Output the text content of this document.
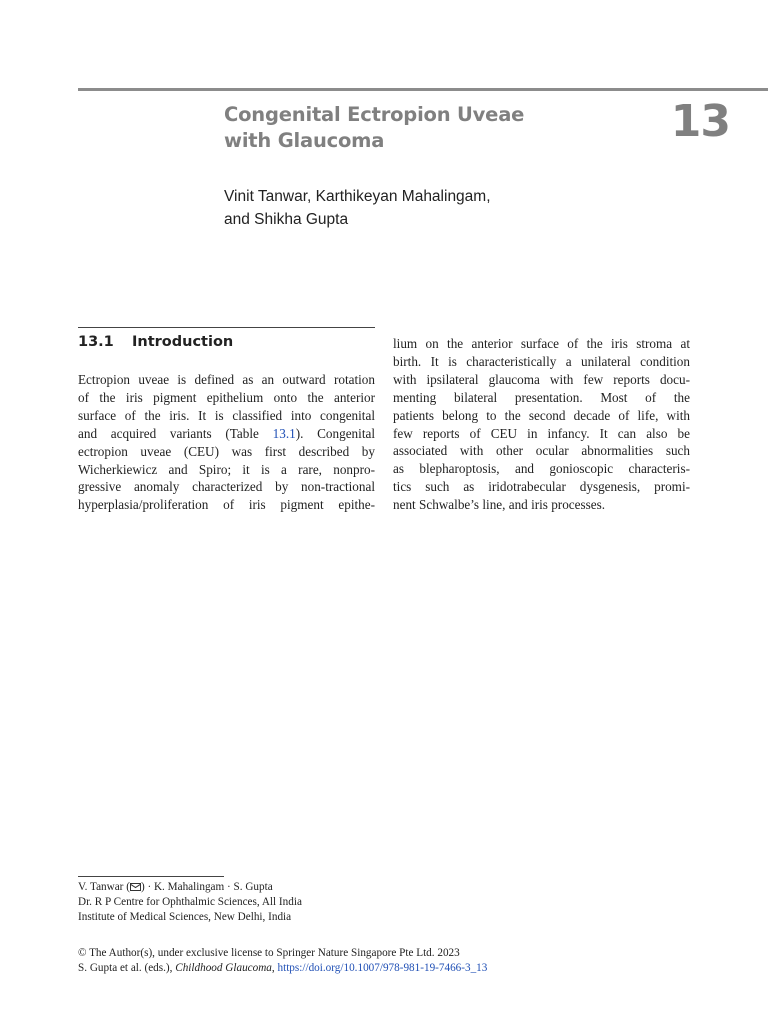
Congenital Ectropion Uveae
with Glaucoma	13
Vinit Tanwar, Karthikeyan Mahalingam,
and Shikha Gupta
13.1 Introduction
Ectropion uveae is defined as an outward rotation
of the iris pigment epithelium onto the anterior
surface of the iris. It is classified into congenital
and acquired variants (Table 13.1). Congenital
ectropion uveae (CEU) was first described by
Wicherkiewicz and Spiro; it is a rare, nonpro-
gressive anomaly characterized by non-tractional
hyperplasia/proliferation of iris pigment epithe-
lium on the anterior surface of the iris stroma at
birth. It is characteristically a unilateral condition
with ipsilateral glaucoma with few reports docu-
menting bilateral presentation. Most of the
patients belong to the second decade of life, with
few reports of CEU in infancy. It can also be
associated with other ocular abnormalities such
as blepharoptosis, and gonioscopic characteris-
tics such as iridotrabecular dysgenesis, promi-
nent Schwalbe’s line, and iris processes.
V. Tanwar ( ) · K. Mahalingam · S. Gupta
Dr. R P Centre for Ophthalmic Sciences, All India
Institute of Medical Sciences, New Delhi, India
© The Author(s), under exclusive license to Springer Nature Singapore Pte Ltd. 2023
S. Gupta et al. (eds.), Childhood Glaucoma, https://doi.org/10.1007/978-981-19-7466-3_13
